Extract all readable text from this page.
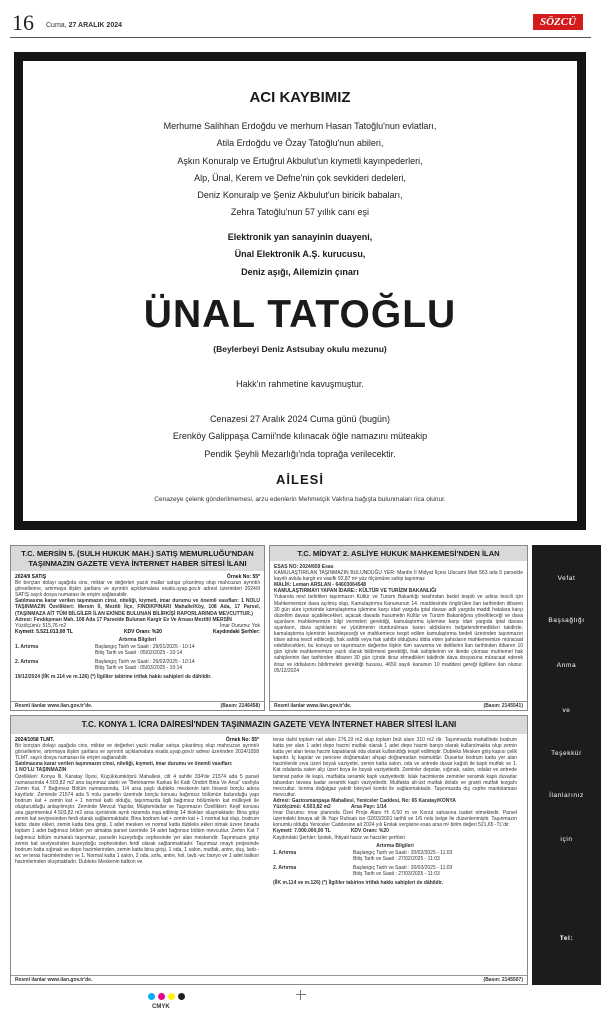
16 Cuma, 27 ARALIK 2024	SÖZCÜ
ACI KAYBIMIZ
Merhume Salihhan Erdoğdu ve merhum Hasan Tatoğlu'nun evlatları,
Atila Erdoğdu ve Özay Tatoğlu'nun abileri,
Aşkın Konuralp ve Ertuğrul Akbulut'un kıymetli kayınpederleri,
Alp, Ünal, Kerem ve Defne'nin çok sevkideri dedeleri,
Deniz Konuralp ve Şeniz Akbulut'un biricik babaları,
Zehra Tatoğlu'nun 57 yıllık canı eşi
Elektronik yan sanayinin duayeni,
Ünal Elektronik A.Ş. kurucusu,
Deniz aşığı, Ailemizin çınarı
ÜNAL TATOĞLU
(Beylerbeyi Deniz Astsubay okulu mezunu)
Hakk'ın rahmetine kavuşmuştur.
Cenazesi 27 Aralık 2024 Cuma günü (bugün)
Erenköy Galippaşa Camii'nde kılınacak öğle namazını müteakip
Pendik Şeyhli Mezarlığı'nda toprağa verilecektir.
AİLESİ
Cenazeye çelenk gönderilmemesi, arzu edenlerin Mehmetçik Vakfına bağışta bulunmaları rica olunur.
T.C. MERSİN 5. (SULH HUKUK MAH.) SATIŞ MEMURLUĞU'NDAN TAŞINMAZIN GAZETE VEYA İNTERNET HABER SİTESİ İLANI
2024/9 SATIŞ	Örnek No: 55*
Bir borçtan dolayı aşağıda cins, miktar ve değerleri yazılı mallar satışa çıkarılmış olup mahcuzun ayrıntılı görsellerine, artırmaya ilişkin şartlara ve ayrıntılı açıklamalara esatis.uyap.gov.tr adresi üzerinden 2024/9 SATIŞ sayılı dosya numarası ile erişim sağlanabilir.
Satılmasına karar verilen taşınmazın cinsi, niteliği, kıymeti, imar durumu ve önemli vasıfları: 1 NOLU TAŞINMAZIN Özellikleri: Mersin İl, Mezitli İlçe, FINDIKPINARI Mahalle/Köy, 108 Ada, 17 Parsel, (TAŞINMAZA AİT TÜM BİLGİLER İLAN EKİNDE BULUNAN BİLİRKİŞİ RAPORLARINDA MEVCUTTUR.)
Adresi: Fındıkpınarı Mah. 108 Ada 17 Parselde Bulunan Kargir Ev Ve Arsası Mezitli/ MERSİN
Yüzölçümü: 515,76 m2	İmar Durumu: Yok
Kıymeti: 5.521.013,00 TL	KDV Oranı: %20	Kaydındaki Şerhler:
Artırma Bilgileri
1. Artırma	Başlangıç Tarih ve Saati : 29/01/2025 - 10:14
Bitiş Tarih ve Saati : 05/02/2025 - 10:14
2. Artırma	Başlangıç Tarih ve Saati : 26/02/2025 - 10:14
Bitiş Tarih ve Saati : 05/03/2025 - 10:14
19/12/2024 (İİK m.114 ve m.126) (*) İlgililer tabirine irtifak hakkı sahipleri de dâhildir.
Resmî ilanlar www.ilan.gov.tr'de.	(Basın: 2146458)
T.C. MİDYAT 2. ASLİYE HUKUK MAHKEMESİ'NDEN İLAN
ESAS NO: 2024/659 Esas
KAMULAŞTIRILAN TAŞINMAZIN BULUNDUĞU YER: Mardin İl Midyat İlçesi Ulucami Mah 563 ada 5 parselde kayıtlı avlulu kargir ev vasıflı 92,87 m² yüz ölçümüne sahip taşınmaz
MALİK: Leman ARSLAN - 64603064548
KAMULAŞTIRMAYI YAPAN İDARE:: KÜLTÜR VE TURİZM BAKANLIĞI
Yukarıda nevi belirtilen taşınmazın Kültür ve Turizm Bakanlığı tarafından bedel tespiti ve adına tescili için Mahkememize dava açılmış olup, Kamulaştırma Kanununun 14. maddesinde öngörülen ilan tarihinden itibaren 30 gün süre içerisinde kamulaştırma işlemine karşı idari yargıda iptal davası adli yargıda maddi hatalara karşı düzeltim davası açabilecekleri, açacak davada husumetin Kültür ve Turizm Bakanlığına yöneltileceği ve dava açanların mahkememize bilgi vermeleri gerektiği, kamulaştırma işlemine karşı idari yargıda iptal davası açanların, dava açtıklarını ve yürütmenin durdurulması kararı aldıklarını belgelendirmedikleri takdirde, kamulaştırma işleminin kesinleşeceği ve mahkemece tespit edilen kamulaştırma bedeli üzerinden taşınmazın idare adına tescil edileceği, hak sahibi veya hak sahibi olduğunu iddia eden şahısların mahkememize müracaat edebilecekleri, bu konuya ve taşınmazın değerine ilişkin tüm savunma ve delillerini ilan tarihinden itibaren 10 gün içinde mahkememize yazılı olarak bildirmesi gerektiği, hak sahiplerinin ve ilende çıkması muhtemel hak sahiplerinin ilan tarihinden itibaren 30 gün içinde itiraz etmedikleri takdirde dava dosyasına müracaat ederek itiraz ve iddialarını bildirmeleri gerektiği hususu, 4650 sayılı kanunun 10 maddesi gereği ilgililere ilan olunur. 05/12/2024
Resmî ilanlar www.ilan.gov.tr'de.	(Basın: 2145541)
T.C. KONYA 1. İCRA DAİRESİ'NDEN TAŞINMAZIN GAZETE VEYA İNTERNET HABER SİTESİ İLANI
2024/1058 TLMT.	Örnek No: 55*
Bir borçtan dolayı aşağıda cins, miktar ve değerleri yazılı mallar satışa çıkarılmış olup mahcuzun ayrıntılı görsellerine, artırmaya ilişkin şartlara ve ayrıntılı açıklamalara esatis.uyap.gov.tr adresi üzerinden 2024/1058 TLMT. sayılı dosya numarası ile erişim sağlanabilir.
Satılmasına karar verilen taşınmazın cinsi, niteliği, kıymeti, imar durumu ve önemli vasıfları:
1 NO'LU TAŞINMAZIN
Özellikleri: Konya İli, Karatay İlçesi, Küçükkumköprü Mahallesi, cilt 4 sahife 334'de 21574 ada 5 parsel numarasında 4.503,82 m2 ana taşınmaz alanlı ve "Betonarme Karkas İki Katlı Ondört Bina Ve Arsa" vasfıyla Zemin Kat, 7 Bağımsız Bölüm numarasında, 1/4 arsa paylı dubleks meskenin tam hissesi borçlu adına kayıtlıdır. Zeminde 21574 ada 5 nolu parselin üzerinde borçlu konusu bağımsız bölümün bulunduğu yapı bodrum kat + zemin kat + 1 normal katlı olduğu, taşınmazda ilgili bağımsız bölümlerin kat mülkiyeti ile oluşturulduğu anlaşılmıştır. Zeminde Mevcut Yapılar, Müştemilatlar ve Taşınmazın Özellikleri: Keşif konusu ana gayrimenkul 4.503,82 m2 arsa içerisinde ayrık nizamda inşa edilmiş 14 blokları oluşmaktadır. Bina girişi zemin kat seviyesinden ferdi olarak sağlanmaktadır. Bina bodrum kat + zemin kat + 1 normal kat olup, bodrum katta: daire ekleri, zemin katta bina girişi, 1 adet mesken ve normal katta dubleks ekleri olmak üzere binada toplam 1 adet bağımsız bölüm yer almakta parsel üzerinde 14 adet bağımsız bölüm mevcuttur. Zemin Kat 7 bağımsız bölüm numaralı taşınmaz, parselin kuzeydoğu cephesinde yer alan meskendir. Taşınmazın girişi zemin kat seviyesinden kuzeydoğu cephesinden ferdi olarak sağlanmaktadır. Taşınmaz onaylı projesinde bodrum katta sığınak ve depo hacimlerinden, zemin katta bina girişi, 1 oda, 1 salon, mutfak, antre, duş, lavb.-wc ve teras hacimlerinden ve 1. Normal katta 1 salon, 2 oda, sofa, antre, hol, lavb.-wc banyo ve 1 adet balkon hacimlerinden oluşmaktadır. Dubleks Meskenin balkon ve
teras dahil toplam net alanı 276,19 m2 olup toplam brüt alanı 310 m2 dir. Taşınmazda mahallinde bodrum katta yer alan 1 adet depo hacmi mutfak olarak 1 adet depo hacmi banyo olarak kullanılmakta olup zemin katta yer alan teras hacmi kapatılarak oda olarak kullanıldığı tespit edilmiştir. Dubleks Mesken giriş kapısı çelik kapıdır. İç kapılar ve pencere doğramaları ahşap doğramadan mamuldür. Duvarlar bodrum katta yer alan hacimlerde sıva üzeri boyalı vaziyette, zemin katta salon, oda ve antrede duvar kağıdı ile kaplı mutfak ve 1. Kat odalarda saten alçı üzeri boya ile boyalı vaziyettedir. Zeminler depolar, sığınak, salon, odalar ve antrede laminat parke ile kaplı, mutfakta seramik kaplı vaziyettedir. Islak hacimlerde zeminler seramik kaplı duvarlar tabandan tavana kadar seramik kaplı vaziyettedir. Mutfakta alt-üst mutfak dolabı ve granit mutfak tezgahı mevcuttur. Isınma doğalgaz yakıtlı bireysel kombi ile sağlanmaktadır. Taşınmazda dış cephe mantolaması mevcuttur.
Adresi: Gaziosmanpaşa Mahallesi, Yeniceler Caddesi, No: 65 Karatay/KONYA
Yüzölçümü: 4.503,82 m2	Arsa Payı: 1/14
İmar Durumu: imar planında Özel Proje Alanı H: 6,50 m ve Konut sahasına isabet etmektedir. Parsel üzerindeki binaya ait İlk Yapı Ruhsatı iso 02/03/2001 tarihli ve 1/6 nolu belge ile düzenlenmiştir. Taşınmazın konumlu olduğu Yeniceler Caddesine ait 2024 yılı Emlak vergisine esas arsa m² birim değeri 521,65 -TL'dir.
Kıymeti: 7.000.000,00 TL	KDV Oranı: %20
Kaydındaki Şerhler: İpotek, İhtiyati haciz ve hacizler şerhleri
Artırma Bilgileri
1. Artırma	Başlangıç Tarih ve Saati : 20/02/2025 - 11:03
Bitiş Tarih ve Saati : 27/02/2025 - 11:03
2. Artırma	Başlangıç Tarih ve Saati : 20/03/2025 - 11:03
Bitiş Tarih ve Saati : 27/03/2025 - 11:03
(İİK m.114 ve m.126) (*) İlgililer tabirine irtifak hakkı sahipleri de dâhildir.
Resmî ilanlar www.ilan.gov.tr'de.	(Basın: 2145507)
Vefat
Başsağlığı
Anma
ve
Teşekkür
İlanlarınız
için
Tel:
CMYK
